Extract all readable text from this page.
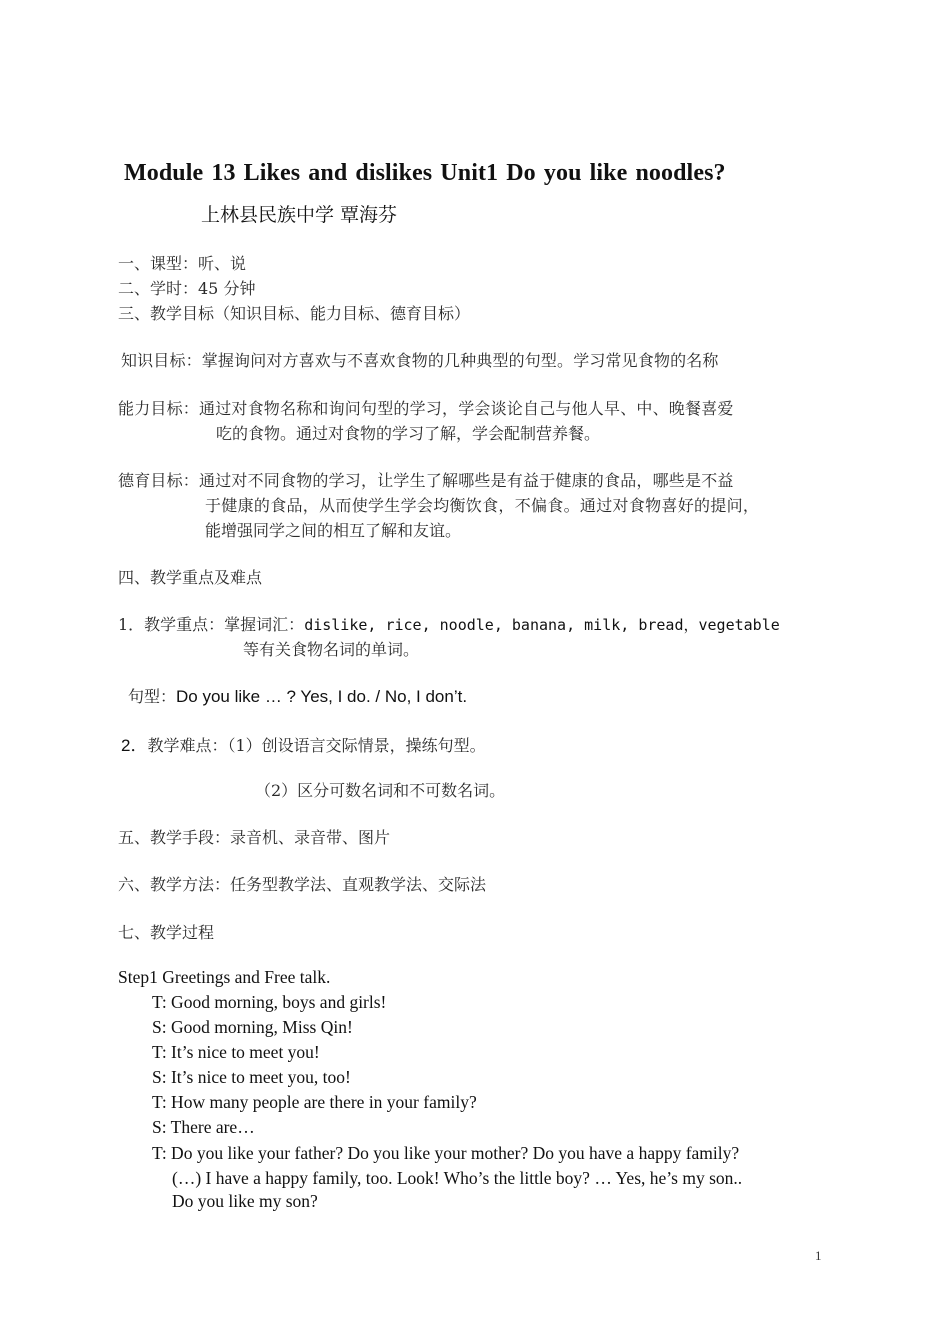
Module 13 Likes and dislikes Unit1 Do you like noodles?
上林县民族中学 覃海芬
一、课型：听、说
二、学时：45 分钟
三、教学目标（知识目标、能力目标、德育目标）
知识目标：掌握询问对方喜欢与不喜欢食物的几种典型的句型。学习常见食物的名称
能力目标：通过对食物名称和询问句型的学习，学会谈论自己与他人早、中、晚餐喜爱
吃的食物。通过对食物的学习了解，学会配制营养餐。
德育目标：通过对不同食物的学习，让学生了解哪些是有益于健康的食品，哪些是不益
于健康的食品，从而使学生学会均衡饮食，不偏食。通过对食物喜好的提问，
能增强同学之间的相互了解和友谊。
四、教学重点及难点
1．教学重点：掌握词汇：dislike, rice, noodle, banana, milk, bread，vegetable
等有关食物名词的单词。
句型：Do you like … ? Yes, I do. / No, I don’t.
2．教学难点：（1）创设语言交际情景，操练句型。
（2）区分可数名词和不可数名词。
五、教学手段：录音机、录音带、图片
六、教学方法：任务型教学法、直观教学法、交际法
七、教学过程
Step1 Greetings and Free talk.
T: Good morning, boys and girls!
S: Good morning, Miss Qin!
T: It’s nice to meet you!
S: It’s nice to meet you, too!
T: How many people are there in your family?
S: There are…
T: Do you like your father? Do you like your mother? Do you have a happy family?
(…) I have a happy family, too. Look! Who’s the little boy? … Yes, he’s my son..
Do you like my son?
1
